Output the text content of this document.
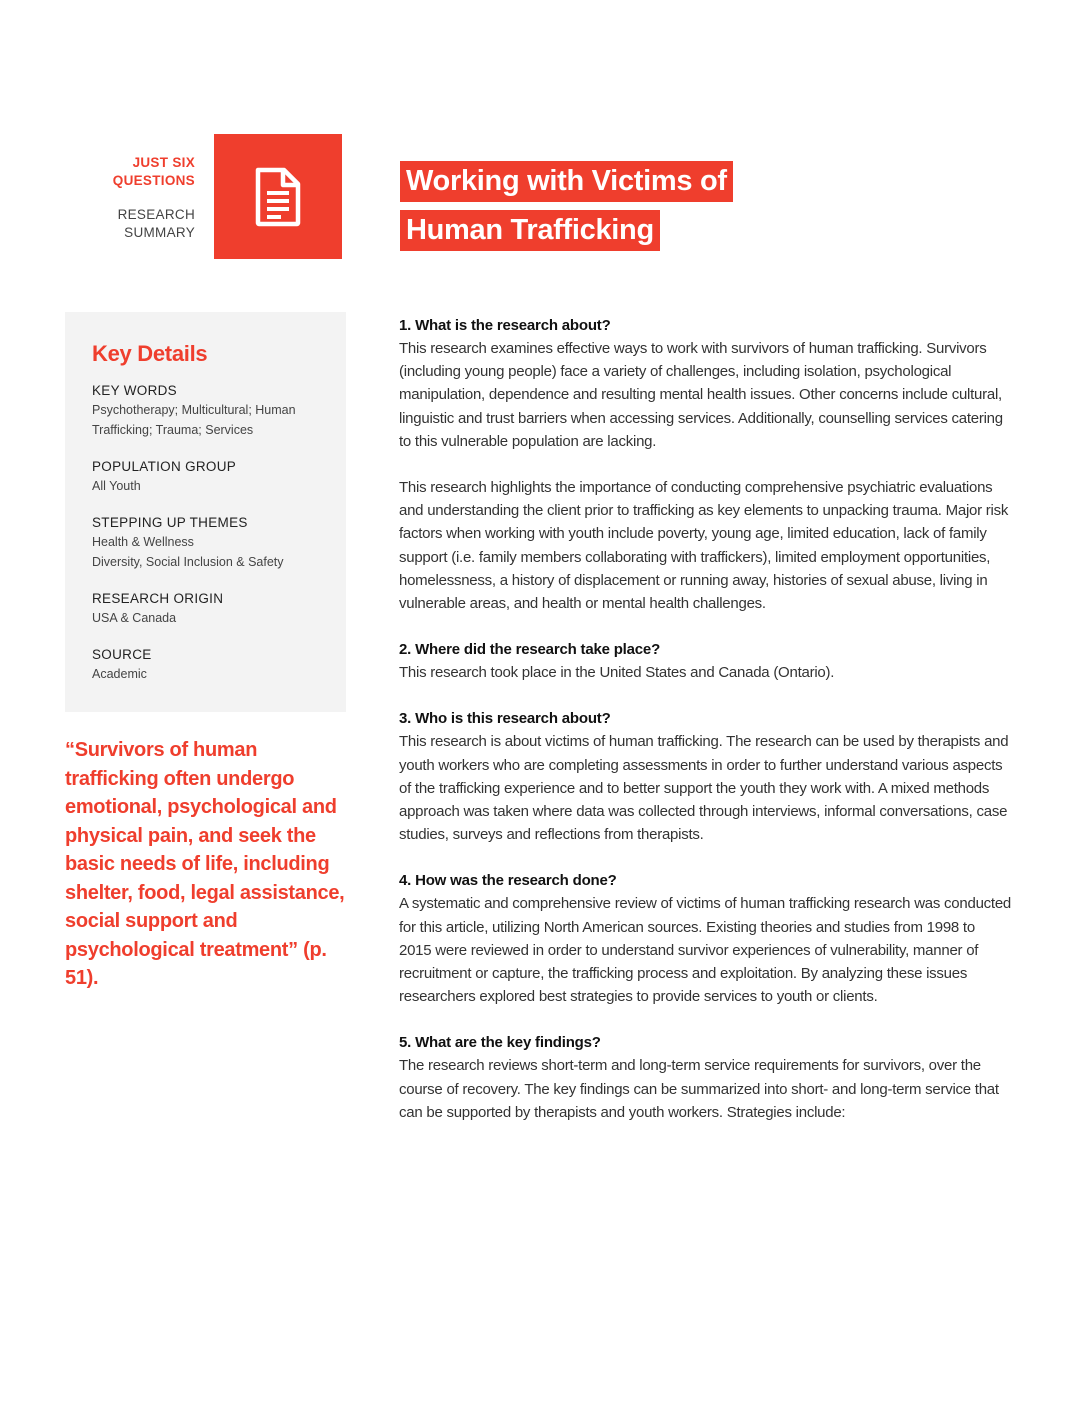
JUST SIX QUESTIONS
RESEARCH SUMMARY
Working with Victims of
Human Trafficking
Key Details
KEY WORDS
Psychotherapy; Multicultural; Human
Trafficking; Trauma; Services
POPULATION GROUP
All Youth
STEPPING UP THEMES
Health & Wellness
Diversity, Social Inclusion & Safety
RESEARCH ORIGIN
USA & Canada
SOURCE
Academic
“Survivors of human trafficking often undergo emotional, psychological and physical pain, and seek the basic needs of life, including shelter, food, legal assistance, social support and psychological treatment” (p. 51).
1. What is the research about?

This research examines effective ways to work with survivors of human trafficking. Survivors (including young people) face a variety of challenges, including isolation, psychological manipulation, dependence and resulting mental health issues. Other concerns include cultural, linguistic and trust barriers when accessing services. Additionally, counselling services catering to this vulnerable population are lacking.

This research highlights the importance of conducting comprehensive psychiatric evaluations and understanding the client prior to trafficking as key elements to unpacking trauma. Major risk factors when working with youth include poverty, young age, limited education, lack of family support (i.e. family members collaborating with traffickers), limited employment opportunities, homelessness, a history of displacement or running away, histories of sexual abuse, living in vulnerable areas, and health or mental health challenges.

2. Where did the research take place?

This research took place in the United States and Canada (Ontario).

3. Who is this research about?

This research is about victims of human trafficking. The research can be used by therapists and youth workers who are completing assessments in order to further understand various aspects of the trafficking experience and to better support the youth they work with. A mixed methods approach was taken where data was collected through interviews, informal conversations, case studies, surveys and reflections from therapists.

4. How was the research done?

A systematic and comprehensive review of victims of human trafficking research was conducted for this article, utilizing North American sources. Existing theories and studies from 1998 to 2015 were reviewed in order to understand survivor experiences of vulnerability, manner of recruitment or capture, the trafficking process and exploitation. By analyzing these issues researchers explored best strategies to provide services to youth or clients.

5. What are the key findings?

The research reviews short-term and long-term service requirements for survivors, over the course of recovery. The key findings can be summarized into short- and long-term service that can be supported by therapists and youth workers. Strategies include:
